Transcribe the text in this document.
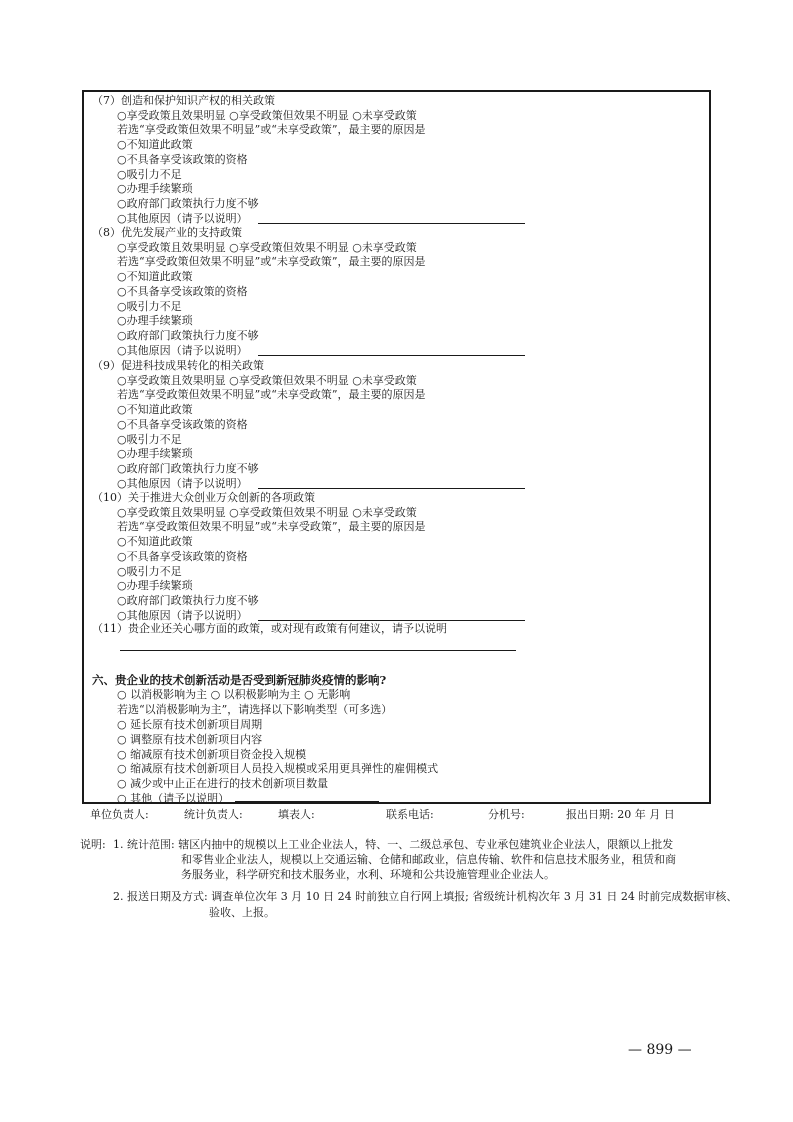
（7）创造和保护知识产权的相关政策
○享受政策且效果明显 ○享受政策但效果不明显 ○未享受政策
若选“享受政策但效果不明显”或“未享受政策”，最主要的原因是
○不知道此政策
○不具备享受该政策的资格
○吸引力不足
○办理手续繁琐
○政府部门政策执行力度不够
○其他原因（请予以说明）
（8）优先发展产业的支持政策
○享受政策且效果明显 ○享受政策但效果不明显 ○未享受政策
若选“享受政策但效果不明显”或“未享受政策”，最主要的原因是
○不知道此政策
○不具备享受该政策的资格
○吸引力不足
○办理手续繁琐
○政府部门政策执行力度不够
○其他原因（请予以说明）
（9）促进科技成果转化的相关政策
○享受政策且效果明显 ○享受政策但效果不明显 ○未享受政策
若选“享受政策但效果不明显”或“未享受政策”，最主要的原因是
○不知道此政策
○不具备享受该政策的资格
○吸引力不足
○办理手续繁琐
○政府部门政策执行力度不够
○其他原因（请予以说明）
（10）关于推进大众创业万众创新的各项政策
○享受政策且效果明显 ○享受政策但效果不明显 ○未享受政策
若选“享受政策但效果不明显”或“未享受政策”，最主要的原因是
○不知道此政策
○不具备享受该政策的资格
○吸引力不足
○办理手续繁琐
○政府部门政策执行力度不够
○其他原因（请予以说明）
（11）贵企业还关心哪方面的政策，或对现有政策有何建议，请予以说明
六、贵企业的技术创新活动是否受到新冠肺炎疫情的影响?
○ 以消极影响为主 ○ 以积极影响为主 ○ 无影响
若选“以消极影响为主”，请选择以下影响类型（可多选）
○ 延长原有技术创新项目周期
○ 调整原有技术创新项目内容
○ 缩减原有技术创新项目资金投入规模
○ 缩减原有技术创新项目人员投入规模或采用更具弹性的雇佣模式
○ 减少或中止正在进行的技术创新项目数量
○ 其他（请予以说明）
单位负责人:	统计负责人:	填表人:	联系电话:	分机号:	报出日期: 20 年 月 日
说明: 1. 统计范围: 辖区内抽中的规模以上工业企业法人，特、一、二级总承包、专业承包建筑业企业法人，限额以上批发
和零售业企业法人，规模以上交通运输、仓储和邮政业，信息传输、软件和信息技术服务业，租赁和商
务服务业，科学研究和技术服务业，水利、环境和公共设施管理业企业法人。
2. 报送日期及方式: 调查单位次年 3 月 10 日 24 时前独立自行网上填报; 省级统计机构次年 3 月 31 日 24 时前完成数据审核、
验收、上报。
— 899 —
